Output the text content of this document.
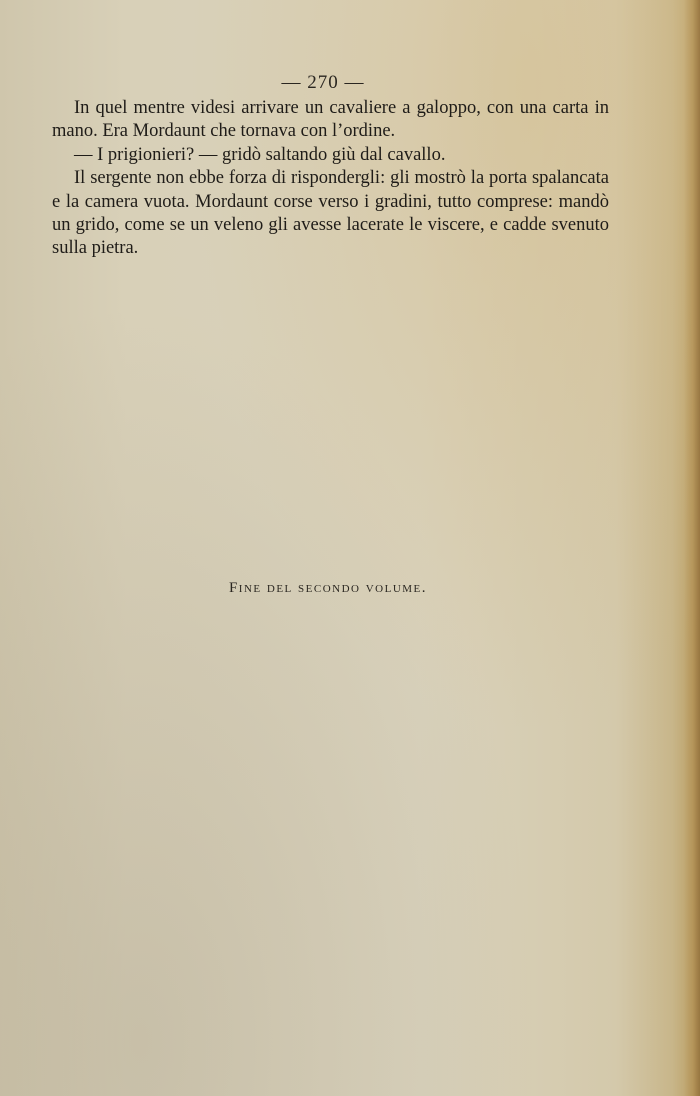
— 270 —

In quel mentre videsi arrivare un cavaliere a galoppo, con una carta in mano. Era Mordaunt che tornava con l’ordine.

— I prigionieri? — gridò saltando giù dal cavallo.

Il sergente non ebbe forza di rispondergli: gli mostrò la porta spalancata e la camera vuota. Mordaunt corse verso i gradini, tutto comprese: mandò un grido, come se un veleno gli avesse lacerate le viscere, e cadde svenuto sulla pietra.

Fine del secondo volume.
